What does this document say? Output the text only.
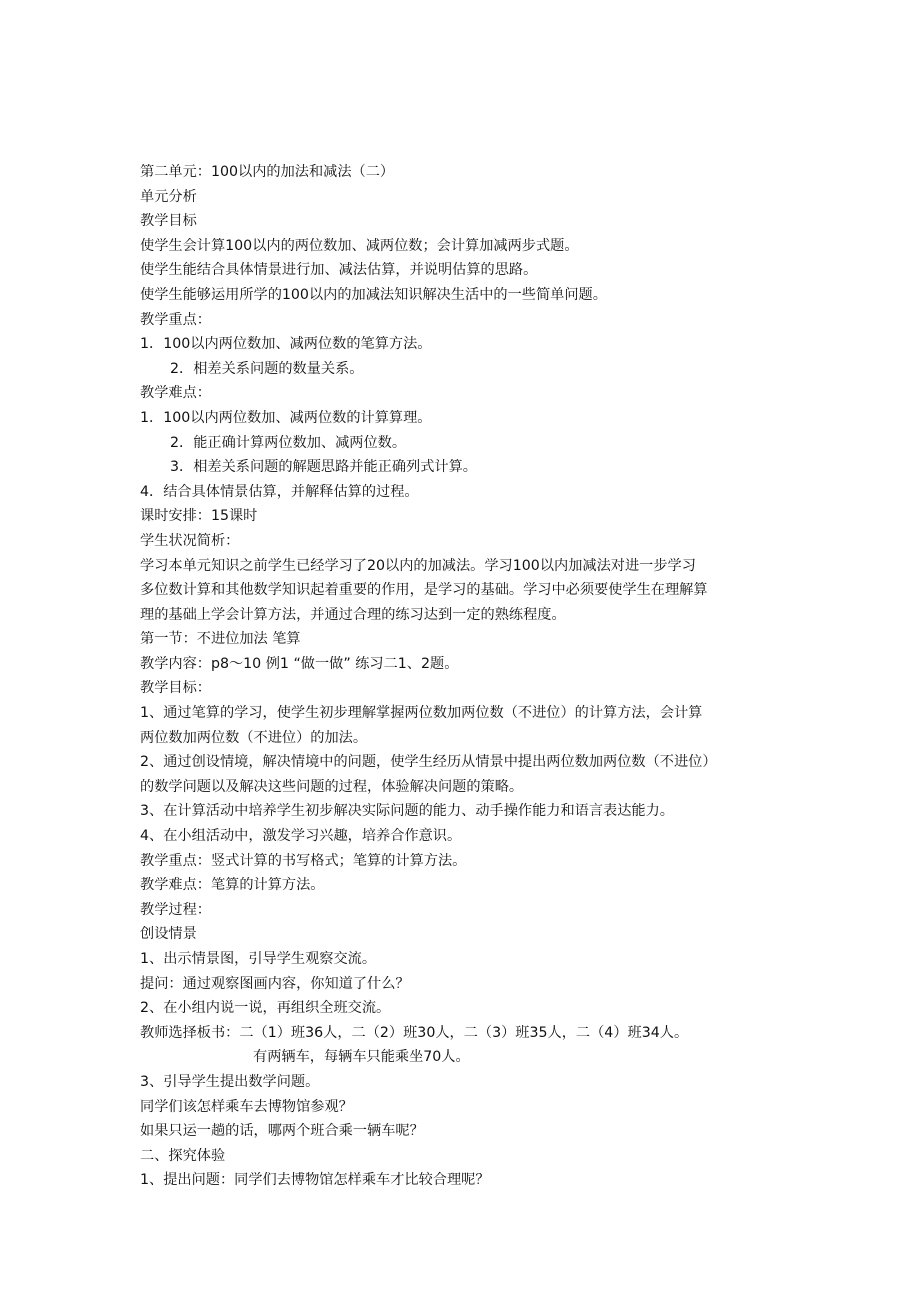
第二单元：100以内的加法和减法（二）
单元分析
教学目标
使学生会计算100以内的两位数加、减两位数；会计算加减两步式题。
使学生能结合具体情景进行加、减法估算，并说明估算的思路。
使学生能够运用所学的100以内的加减法知识解决生活中的一些简单问题。
教学重点：
1．100以内两位数加、减两位数的笔算方法。
2．相差关系问题的数量关系。
教学难点：
1．100以内两位数加、减两位数的计算算理。
2．能正确计算两位数加、减两位数。
3．相差关系问题的解题思路并能正确列式计算。
4．结合具体情景估算，并解释估算的过程。
课时安排：15课时
学生状况简析：
学习本单元知识之前学生已经学习了20以内的加减法。学习100以内加减法对进一步学习
多位数计算和其他数学知识起着重要的作用，是学习的基础。学习中必须要使学生在理解算
理的基础上学会计算方法，并通过合理的练习达到一定的熟练程度。
第一节：不进位加法 笔算
教学内容：p8～10 例1 “做一做” 练习二1、2题。
教学目标：
1、通过笔算的学习，使学生初步理解掌握两位数加两位数（不进位）的计算方法，会计算
两位数加两位数（不进位）的加法。
2、通过创设情境，解决情境中的问题，使学生经历从情景中提出两位数加两位数（不进位）
的数学问题以及解决这些问题的过程，体验解决问题的策略。
3、在计算活动中培养学生初步解决实际问题的能力、动手操作能力和语言表达能力。
4、在小组活动中，激发学习兴趣，培养合作意识。
教学重点：竖式计算的书写格式；笔算的计算方法。
教学难点：笔算的计算方法。
教学过程：
创设情景
1、出示情景图，引导学生观察交流。
提问：通过观察图画内容，你知道了什么？
2、在小组内说一说，再组织全班交流。
教师选择板书：二（1）班36人，二（2）班30人，二（3）班35人，二（4）班34人。
有两辆车，每辆车只能乘坐70人。
3、引导学生提出数学问题。
同学们该怎样乘车去博物馆参观？
如果只运一趟的话，哪两个班合乘一辆车呢？
二、探究体验
1、提出问题：同学们去博物馆怎样乘车才比较合理呢？
